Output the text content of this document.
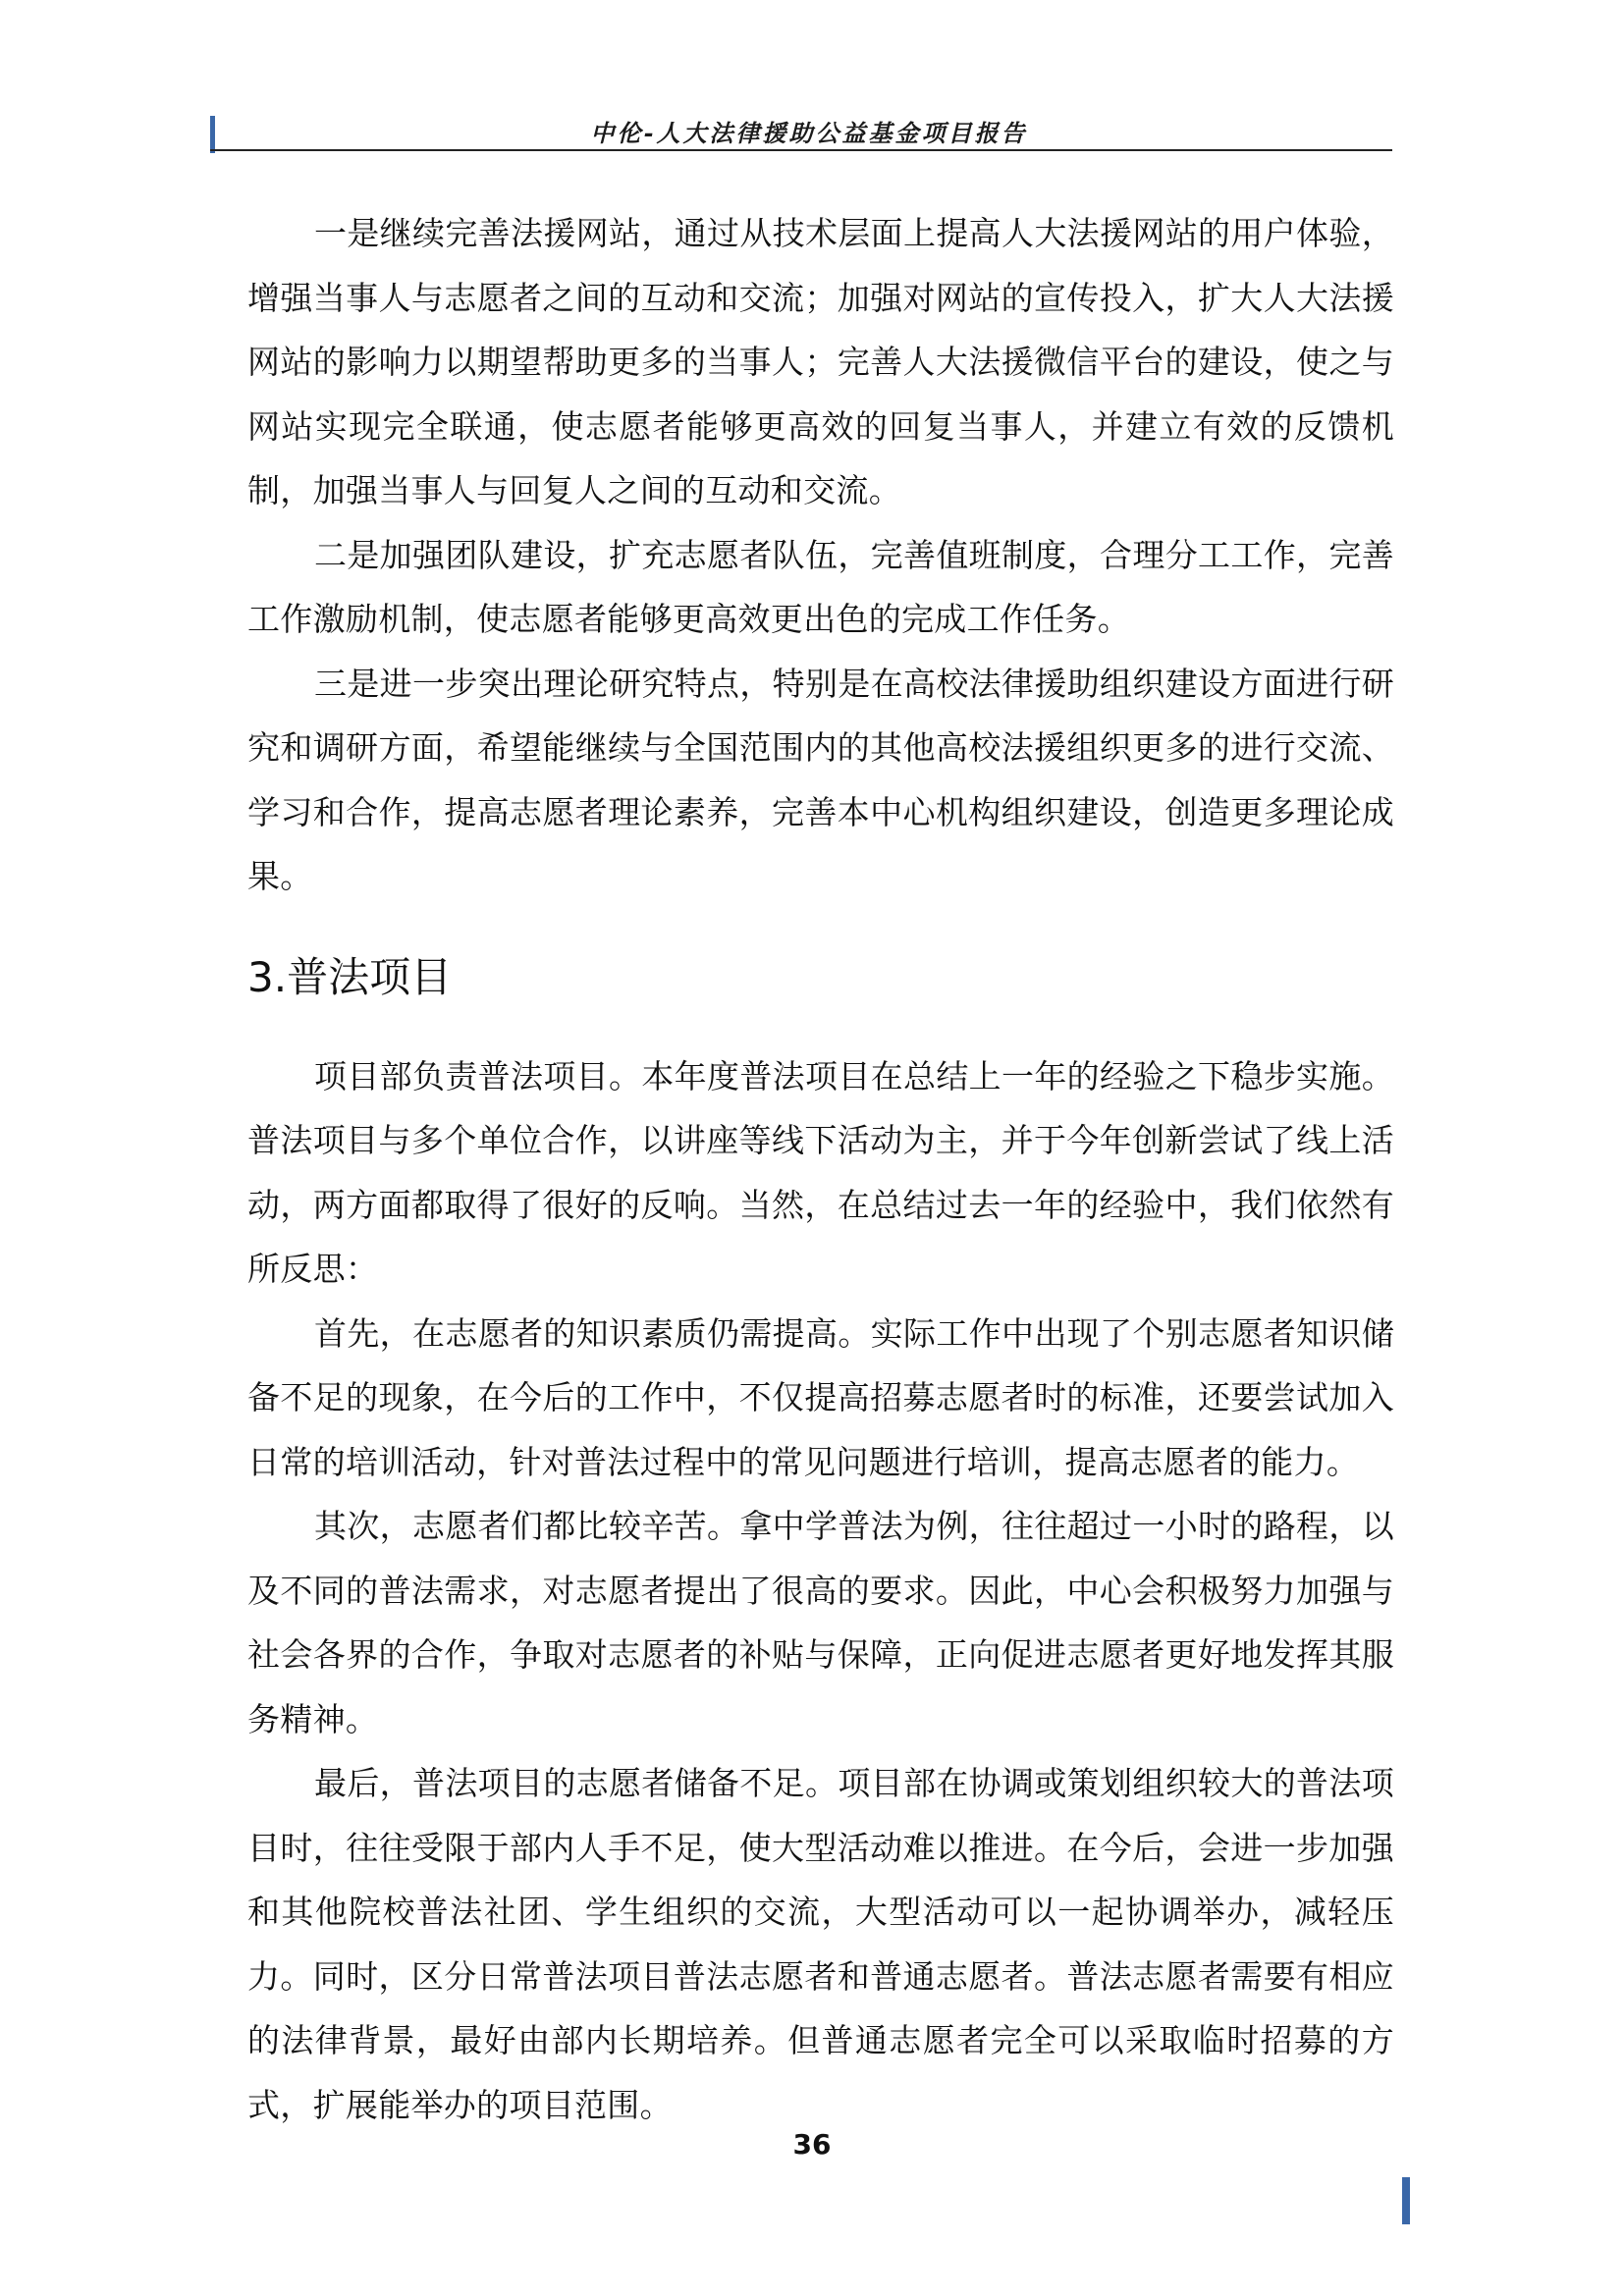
中伦-人大法律援助公益基金项目报告

一是继续完善法援网站，通过从技术层面上提高人大法援网站的用户体验，增强当事人与志愿者之间的互动和交流；加强对网站的宣传投入，扩大人大法援网站的影响力以期望帮助更多的当事人；完善人大法援微信平台的建设，使之与网站实现完全联通，使志愿者能够更高效的回复当事人，并建立有效的反馈机制，加强当事人与回复人之间的互动和交流。

二是加强团队建设，扩充志愿者队伍，完善值班制度，合理分工工作，完善工作激励机制，使志愿者能够更高效更出色的完成工作任务。

三是进一步突出理论研究特点，特别是在高校法律援助组织建设方面进行研究和调研方面，希望能继续与全国范围内的其他高校法援组织更多的进行交流、学习和合作，提高志愿者理论素养，完善本中心机构组织建设，创造更多理论成果。

3.普法项目

项目部负责普法项目。本年度普法项目在总结上一年的经验之下稳步实施。普法项目与多个单位合作，以讲座等线下活动为主，并于今年创新尝试了线上活动，两方面都取得了很好的反响。当然，在总结过去一年的经验中，我们依然有所反思：

首先，在志愿者的知识素质仍需提高。实际工作中出现了个别志愿者知识储备不足的现象，在今后的工作中，不仅提高招募志愿者时的标准，还要尝试加入日常的培训活动，针对普法过程中的常见问题进行培训，提高志愿者的能力。

其次，志愿者们都比较辛苦。拿中学普法为例，往往超过一小时的路程，以及不同的普法需求，对志愿者提出了很高的要求。因此，中心会积极努力加强与社会各界的合作，争取对志愿者的补贴与保障，正向促进志愿者更好地发挥其服务精神。

最后，普法项目的志愿者储备不足。项目部在协调或策划组织较大的普法项目时，往往受限于部内人手不足，使大型活动难以推进。在今后，会进一步加强和其他院校普法社团、学生组织的交流，大型活动可以一起协调举办，减轻压力。同时，区分日常普法项目普法志愿者和普通志愿者。普法志愿者需要有相应的法律背景，最好由部内长期培养。但普通志愿者完全可以采取临时招募的方式，扩展能举办的项目范围。

36
